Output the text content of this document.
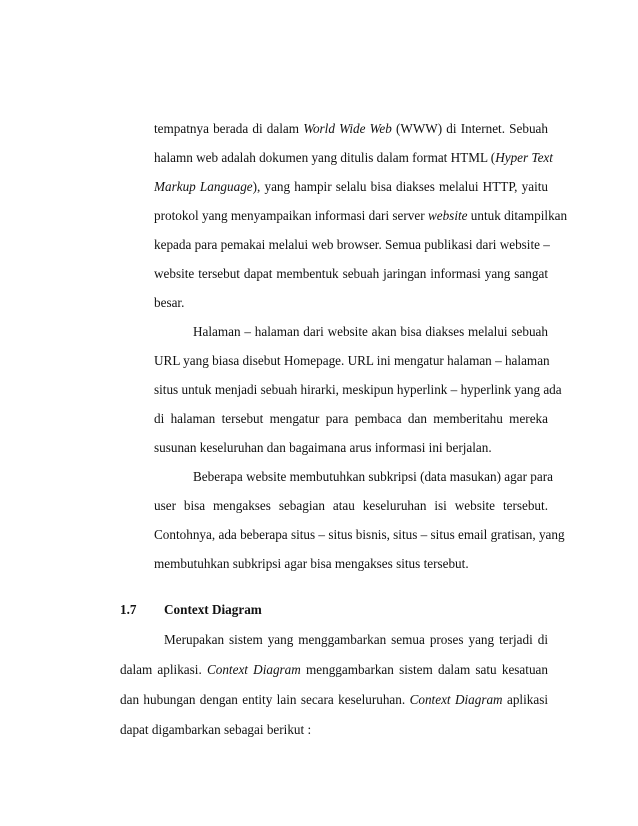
tempatnya berada di dalam World Wide Web (WWW) di Internet. Sebuah
halamn web adalah dokumen yang ditulis dalam format HTML (Hyper Text
Markup Language), yang hampir selalu bisa diakses melalui HTTP, yaitu
protokol yang menyampaikan informasi dari server website untuk ditampilkan
kepada para pemakai melalui web browser. Semua publikasi dari website –
website tersebut dapat membentuk sebuah jaringan informasi yang sangat
besar.
Halaman – halaman dari website akan bisa diakses melalui sebuah
URL yang biasa disebut Homepage. URL ini mengatur halaman – halaman
situs untuk menjadi sebuah hirarki, meskipun hyperlink – hyperlink yang ada
di halaman tersebut mengatur para pembaca dan memberitahu mereka
susunan keseluruhan dan bagaimana arus informasi ini berjalan.
Beberapa website membutuhkan subkripsi (data masukan) agar para
user bisa mengakses sebagian atau keseluruhan isi website tersebut.
Contohnya, ada beberapa situs – situs bisnis, situs – situs email gratisan, yang
membutuhkan subkripsi agar bisa mengakses situs tersebut.
1.7 Context Diagram
Merupakan sistem yang menggambarkan semua proses yang terjadi di
dalam aplikasi. Context Diagram menggambarkan sistem dalam satu kesatuan
dan hubungan dengan entity lain secara keseluruhan. Context Diagram aplikasi
dapat digambarkan sebagai berikut :
